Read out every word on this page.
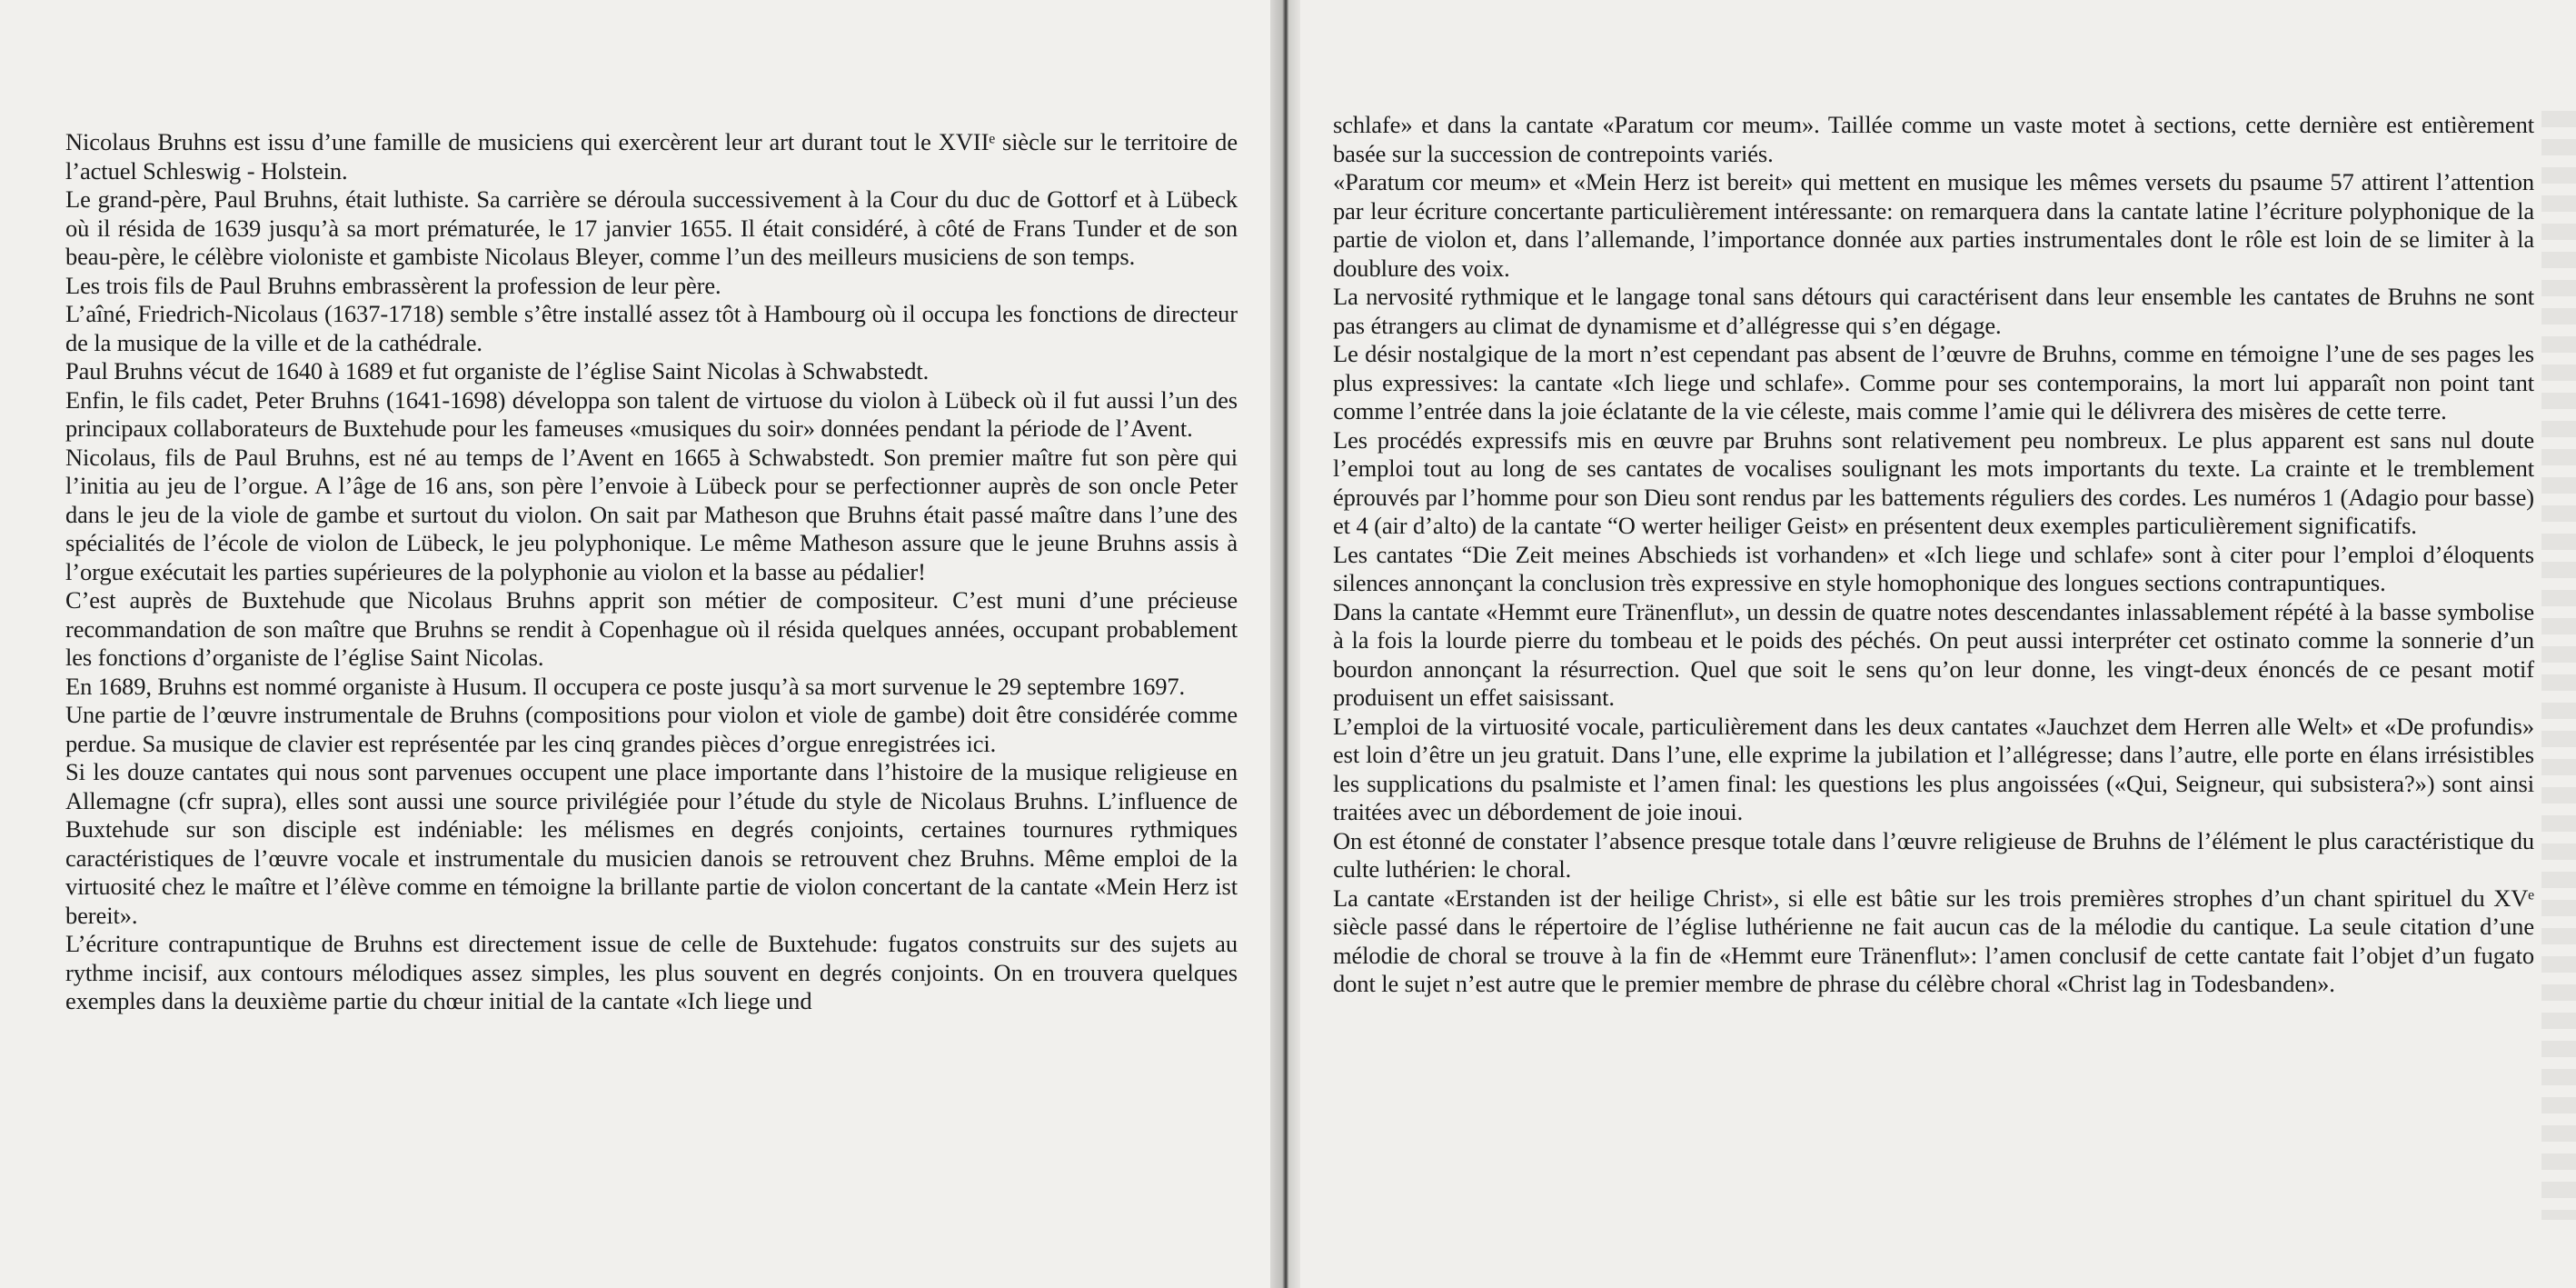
Nicolaus Bruhns est issu d’une famille de musiciens qui exercèrent leur art durant tout le XVIIᵉ siècle sur le territoire de l’actuel Schleswig - Holstein.

Le grand-père, Paul Bruhns, était luthiste. Sa carrière se déroula successivement à la Cour du duc de Gottorf et à Lübeck où il résida de 1639 jusqu’à sa mort prématurée, le 17 janvier 1655. Il était considéré, à côté de Frans Tunder et de son beau-père, le célèbre violoniste et gambiste Nicolaus Bleyer, comme l’un des meilleurs musiciens de son temps.

Les trois fils de Paul Bruhns embrassèrent la profession de leur père.

L’aîné, Friedrich-Nicolaus (1637-1718) semble s’être installé assez tôt à Hambourg où il occupa les fonctions de directeur de la musique de la ville et de la cathédrale.

Paul Bruhns vécut de 1640 à 1689 et fut organiste de l’église Saint Nicolas à Schwabstedt.

Enfin, le fils cadet, Peter Bruhns (1641-1698) développa son talent de virtuose du violon à Lübeck où il fut aussi l’un des principaux collaborateurs de Buxtehude pour les fameuses «musiques du soir» données pendant la période de l’Avent.

Nicolaus, fils de Paul Bruhns, est né au temps de l’Avent en 1665 à Schwabstedt. Son premier maître fut son père qui l’initia au jeu de l’orgue. A l’âge de 16 ans, son père l’envoie à Lübeck pour se perfectionner auprès de son oncle Peter dans le jeu de la viole de gambe et surtout du violon. On sait par Matheson que Bruhns était passé maître dans l’une des spécialités de l’école de violon de Lübeck, le jeu polyphonique. Le même Matheson assure que le jeune Bruhns assis à l’orgue exécutait les parties supérieures de la polyphonie au violon et la basse au pédalier!

C’est auprès de Buxtehude que Nicolaus Bruhns apprit son métier de compositeur. C’est muni d’une précieuse recommandation de son maître que Bruhns se rendit à Copenhague où il résida quelques années, occupant probablement les fonctions d’organiste de l’église Saint Nicolas.

En 1689, Bruhns est nommé organiste à Husum. Il occupera ce poste jusqu’à sa mort survenue le 29 septembre 1697.

Une partie de l’œuvre instrumentale de Bruhns (compositions pour violon et viole de gambe) doit être considérée comme perdue. Sa musique de clavier est représentée par les cinq grandes pièces d’orgue enregistrées ici.

Si les douze cantates qui nous sont parvenues occupent une place importante dans l’histoire de la musique religieuse en Allemagne (cfr supra), elles sont aussi une source privilégiée pour l’étude du style de Nicolaus Bruhns. L’influence de Buxtehude sur son disciple est indéniable: les mélismes en degrés conjoints, certaines tournures rythmiques caractéristiques de l’œuvre vocale et instrumentale du musicien danois se retrouvent chez Bruhns. Même emploi de la virtuosité chez le maître et l’élève comme en témoigne la brillante partie de violon concertant de la cantate «Mein Herz ist bereit».

L’écriture contrapuntique de Bruhns est directement issue de celle de Buxtehude: fugatos construits sur des sujets au rythme incisif, aux contours mélodiques assez simples, les plus souvent en degrés conjoints. On en trouvera quelques exemples dans la deuxième partie du chœur initial de la cantate «Ich liege und

schlafe» et dans la cantate «Paratum cor meum». Taillée comme un vaste motet à sections, cette dernière est entièrement basée sur la succession de contrepoints variés.

«Paratum cor meum» et «Mein Herz ist bereit» qui mettent en musique les mêmes versets du psaume 57 attirent l’attention par leur écriture concertante particulièrement intéressante: on remarquera dans la cantate latine l’écriture polyphonique de la partie de violon et, dans l’allemande, l’importance donnée aux parties instrumentales dont le rôle est loin de se limiter à la doublure des voix.

La nervosité rythmique et le langage tonal sans détours qui caractérisent dans leur ensemble les cantates de Bruhns ne sont pas étrangers au climat de dynamisme et d’allégresse qui s’en dégage.

Le désir nostalgique de la mort n’est cependant pas absent de l’œuvre de Bruhns, comme en témoigne l’une de ses pages les plus expressives: la cantate «Ich liege und schlafe». Comme pour ses contemporains, la mort lui apparaît non point tant comme l’entrée dans la joie éclatante de la vie céleste, mais comme l’amie qui le délivrera des misères de cette terre.

Les procédés expressifs mis en œuvre par Bruhns sont relativement peu nombreux. Le plus apparent est sans nul doute l’emploi tout au long de ses cantates de vocalises soulignant les mots importants du texte. La crainte et le tremblement éprouvés par l’homme pour son Dieu sont rendus par les battements réguliers des cordes. Les numéros 1 (Adagio pour basse) et 4 (air d’alto) de la cantate “O werter heiliger Geist» en présentent deux exemples particulièrement significatifs.

Les cantates “Die Zeit meines Abschieds ist vorhanden» et «Ich liege und schlafe» sont à citer pour l’emploi d’éloquents silences annonçant la conclusion très expressive en style homophonique des longues sections contrapuntiques.

Dans la cantate «Hemmt eure Tränenflut», un dessin de quatre notes descendantes inlassablement répété à la basse symbolise à la fois la lourde pierre du tombeau et le poids des péchés. On peut aussi interpréter cet ostinato comme la sonnerie d’un bourdon annonçant la résurrection. Quel que soit le sens qu’on leur donne, les vingt-deux énoncés de ce pesant motif produisent un effet saisissant.

L’emploi de la virtuosité vocale, particulièrement dans les deux cantates «Jauchzet dem Herren alle Welt» et «De profundis» est loin d’être un jeu gratuit. Dans l’une, elle exprime la jubilation et l’allégresse; dans l’autre, elle porte en élans irrésistibles les supplications du psalmiste et l’amen final: les questions les plus angoissées («Qui, Seigneur, qui subsistera?») sont ainsi traitées avec un débordement de joie inoui.

On est étonné de constater l’absence presque totale dans l’œuvre religieuse de Bruhns de l’élément le plus caractéristique du culte luthérien: le choral.

La cantate «Erstanden ist der heilige Christ», si elle est bâtie sur les trois premières strophes d’un chant spirituel du XVᵉ siècle passé dans le répertoire de l’église luthérienne ne fait aucun cas de la mélodie du cantique. La seule citation d’une mélodie de choral se trouve à la fin de «Hemmt eure Tränenflut»: l’amen conclusif de cette cantate fait l’objet d’un fugato dont le sujet n’est autre que le premier membre de phrase du célèbre choral «Christ lag in Todesbanden».
